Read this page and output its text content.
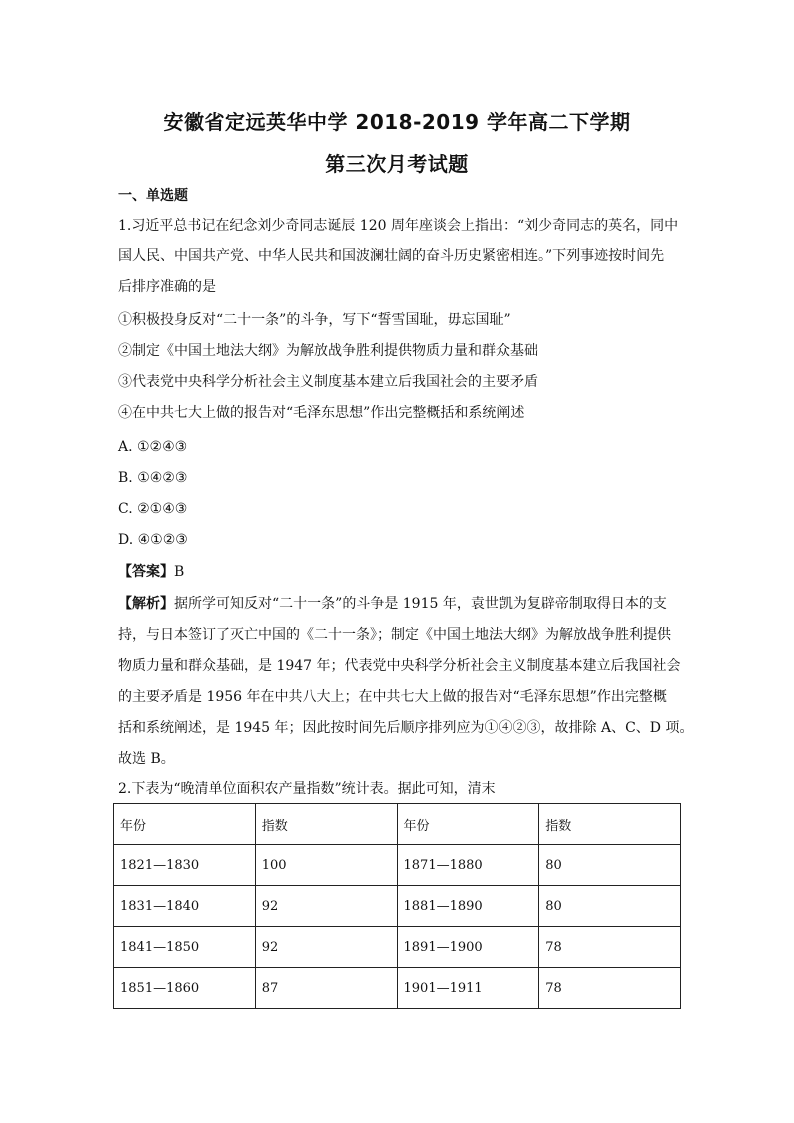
安徽省定远英华中学 2018-2019 学年高二下学期
第三次月考试题
一、单选题
1.习近平总书记在纪念刘少奇同志诞辰 120 周年座谈会上指出：“刘少奇同志的英名，同中
国人民、中国共产党、中华人民共和国波澜壮阔的奋斗历史紧密相连。”下列事迹按时间先
后排序准确的是
①积极投身反对“二十一条”的斗争，写下“誓雪国耻，毋忘国耻”
②制定《中国土地法大纲》为解放战争胜利提供物质力量和群众基础
③代表党中央科学分析社会主义制度基本建立后我国社会的主要矛盾
④在中共七大上做的报告对“毛泽东思想”作出完整概括和系统阐述
A. ①②④③
B. ①④②③
C. ②①④③
D. ④①②③
【答案】B
【解析】据所学可知反对“二十一条”的斗争是 1915 年，袁世凯为复辟帝制取得日本的支
持，与日本签订了灭亡中国的《二十一条》；制定《中国土地法大纲》为解放战争胜利提供
物质力量和群众基础，是 1947 年；代表党中央科学分析社会主义制度基本建立后我国社会
的主要矛盾是 1956 年在中共八大上；在中共七大上做的报告对“毛泽东思想”作出完整概
括和系统阐述，是 1945 年；因此按时间先后顺序排列应为①④②③，故排除 A、C、D 项。
故选 B。
2.下表为“晚清单位面积农产量指数”统计表。据此可知，清末
年份	指数	年份	指数
1821—1830	100	1871—1880	80
1831—1840	92	1881—1890	80
1841—1850	92	1891—1900	78
1851—1860	87	1901—1911	78
